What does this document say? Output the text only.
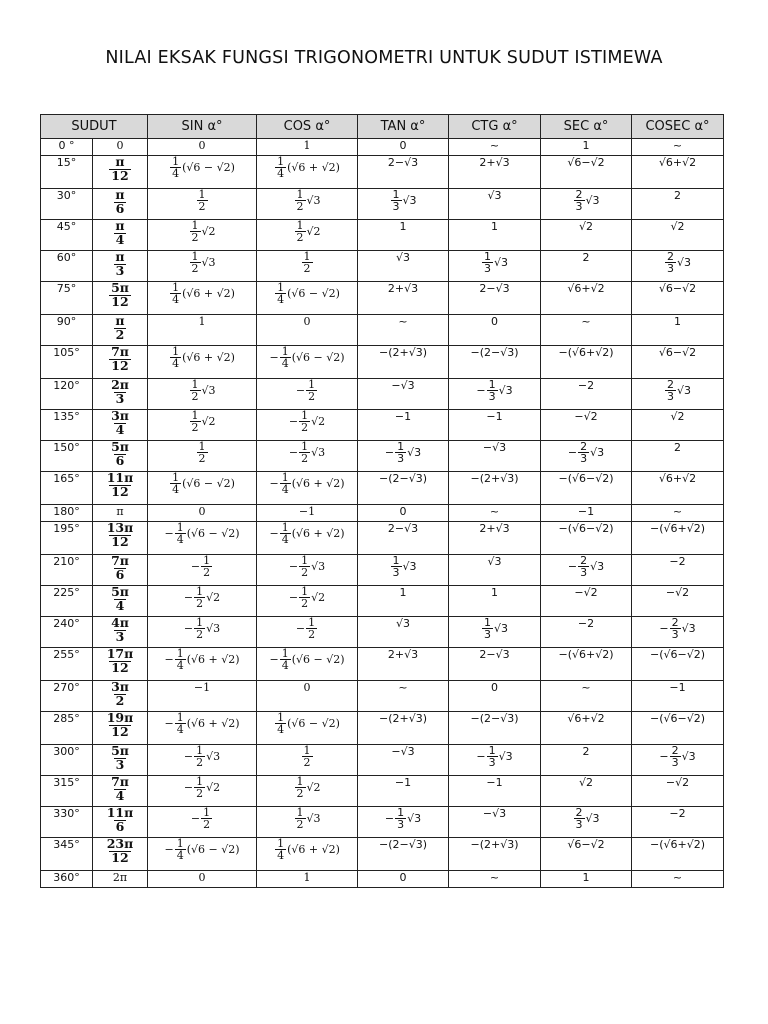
NILAI EKSAK FUNGSI TRIGONOMETRI UNTUK SUDUT ISTIMEWA
SUDUT		SIN α°	COS α°	TAN α°	CTG α°	SEC α°	COSEC α°
0 °	0	0	1	0	~	1	~
15°	$\frac{\pi}{12}$	$\frac{1}{4} (√6 - √2)$	$\frac{1}{4} (√6 + √2)$	2−√3	2+√3	√6−√2	√6+√2
30°	$\frac{\pi}{6}$	$\frac{1}{2}$	$\frac{1}{2} √3$	$\frac{1}{3} √3$	√3	$\frac{2}{3} √3$	2
45°	$\frac{\pi}{4}$	$\frac{1}{2} √2$	$\frac{1}{2} √2$	1	1	√2	√2
60°	$\frac{\pi}{3}$	$\frac{1}{2} √3$	$\frac{1}{2}$	√3	$\frac{1}{3} √3$	2	$\frac{2}{3} √3$
75°	$\frac{5\pi}{12}$	$\frac{1}{4} (√6 + √2)$	$\frac{1}{4} (√6 - √2)$	2+√3	2−√3	√6+√2	√6−√2
90°	$\frac{\pi}{2}$	1	0	~	0	~	1
105°	$\frac{7\pi}{12}$	$\frac{1}{4} (√6 + √2)$	− $\frac{1}{4} (√6 - √2)$	−(2+√3)	−(2−√3)	−(√6+√2)	√6−√2
120°	$\frac{2\pi}{3}$	$\frac{1}{2} √3$	− $\frac{1}{2}$	−√3	− $\frac{1}{3} √3$	−2	$\frac{2}{3} √3$
135°	$\frac{3\pi}{4}$	$\frac{1}{2} √2$	− $\frac{1}{2} √2$	−1	−1	−√2	√2
150°	$\frac{5\pi}{6}$	$\frac{1}{2}$	− $\frac{1}{2} √3$	− $\frac{1}{3} √3$	−√3	− $\frac{2}{3} √3$	2
165°	$\frac{11\pi}{12}$	$\frac{1}{4} (√6 - √2)$	− $\frac{1}{4} (√6 + √2)$	−(2−√3)	−(2+√3)	−(√6−√2)	√6+√2
180°	π	0	−1	0	~	−1	~
195°	$\frac{13\pi}{12}$	− $\frac{1}{4} (√6 - √2)$	− $\frac{1}{4} (√6 + √2)$	2−√3	2+√3	−(√6−√2)	−(√6+√2)
210°	$\frac{7\pi}{6}$	− $\frac{1}{2}$	− $\frac{1}{2} √3$	$\frac{1}{3} √3$	√3	− $\frac{2}{3} √3$	−2
225°	$\frac{5\pi}{4}$	− $\frac{1}{2} √2$	− $\frac{1}{2} √2$	1	1	−√2	−√2
240°	$\frac{4\pi}{3}$	− $\frac{1}{2} √3$	− $\frac{1}{2}$	√3	$\frac{1}{3} √3$	−2	− $\frac{2}{3} √3$
255°	$\frac{17\pi}{12}$	− $\frac{1}{4} (√6 + √2)$	− $\frac{1}{4} (√6 - √2)$	2+√3	2−√3	−(√6+√2)	−(√6−√2)
270°	$\frac{3\pi}{2}$	−1	0	~	0	~	−1
285°	$\frac{19\pi}{12}$	− $\frac{1}{4} (√6 + √2)$	$\frac{1}{4} (√6 - √2)$	−(2+√3)	−(2−√3)	√6+√2	−(√6−√2)
300°	$\frac{5\pi}{3}$	− $\frac{1}{2} √3$	$\frac{1}{2}$	−√3	− $\frac{1}{3} √3$	2	− $\frac{2}{3} √3$
315°	$\frac{7\pi}{4}$	− $\frac{1}{2} √2$	$\frac{1}{2} √2$	−1	−1	√2	−√2
330°	$\frac{11\pi}{6}$	− $\frac{1}{2}$	$\frac{1}{2} √3$	− $\frac{1}{3} √3$	−√3	$\frac{2}{3} √3$	−2
345°	$\frac{23\pi}{12}$	− $\frac{1}{4} (√6 - √2)$	$\frac{1}{4} (√6 + √2)$	−(2−√3)	−(2+√3)	√6−√2	−(√6+√2)
360°	2π	0	1	0	~	1	~
